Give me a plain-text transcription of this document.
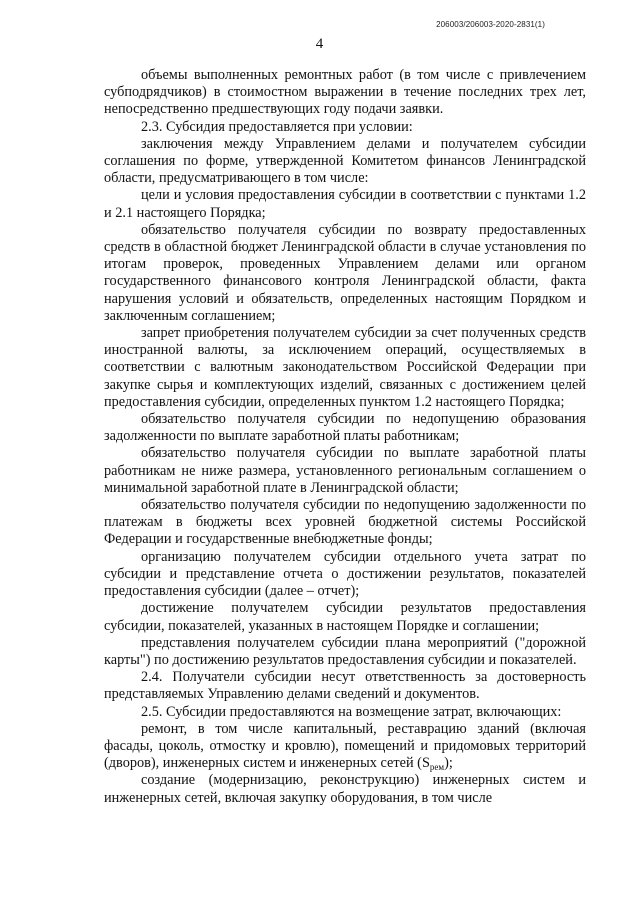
206003/206003-2020-2831(1)
4

объемы выполненных ремонтных работ (в том числе с привлечением субподрядчиков) в стоимостном выражении в течение последних трех лет, непосредственно предшествующих году подачи заявки.

2.3. Субсидия предоставляется при условии:

заключения между Управлением делами и получателем субсидии соглашения по форме, утвержденной Комитетом финансов Ленинградской области, предусматривающего в том числе:

цели и условия предоставления субсидии в соответствии с пунктами 1.2 и 2.1 настоящего Порядка;

обязательство получателя субсидии по возврату предоставленных средств в областной бюджет Ленинградской области в случае установления по итогам проверок, проведенных Управлением делами или органом государственного финансового контроля Ленинградской области, факта нарушения условий и обязательств, определенных настоящим Порядком и заключенным соглашением;

запрет приобретения получателем субсидии за счет полученных средств иностранной валюты, за исключением операций, осуществляемых в соответствии с валютным законодательством Российской Федерации при закупке сырья и комплектующих изделий, связанных с достижением целей предоставления субсидии, определенных пунктом 1.2 настоящего Порядка;

обязательство получателя субсидии по недопущению образования задолженности по выплате заработной платы работникам;

обязательство получателя субсидии по выплате заработной платы работникам не ниже размера, установленного региональным соглашением о минимальной заработной плате в Ленинградской области;

обязательство получателя субсидии по недопущению задолженности по платежам в бюджеты всех уровней бюджетной системы Российской Федерации и государственные внебюджетные фонды;

организацию получателем субсидии отдельного учета затрат по субсидии и представление отчета о достижении результатов, показателей предоставления субсидии (далее – отчет);

достижение получателем субсидии результатов предоставления субсидии, показателей, указанных в настоящем Порядке и соглашении;

представления получателем субсидии плана мероприятий ("дорожной карты") по достижению результатов предоставления субсидии и показателей.

2.4. Получатели субсидии несут ответственность за достоверность представляемых Управлению делами сведений и документов.

2.5. Субсидии предоставляются на возмещение затрат, включающих:

ремонт, в том числе капитальный, реставрацию зданий (включая фасады, цоколь, отмостку и кровлю), помещений и придомовых территорий (дворов), инженерных систем и инженерных сетей $(S_{рем})$;

создание (модернизацию, реконструкцию) инженерных систем и инженерных сетей, включая закупку оборудования, в том числе
